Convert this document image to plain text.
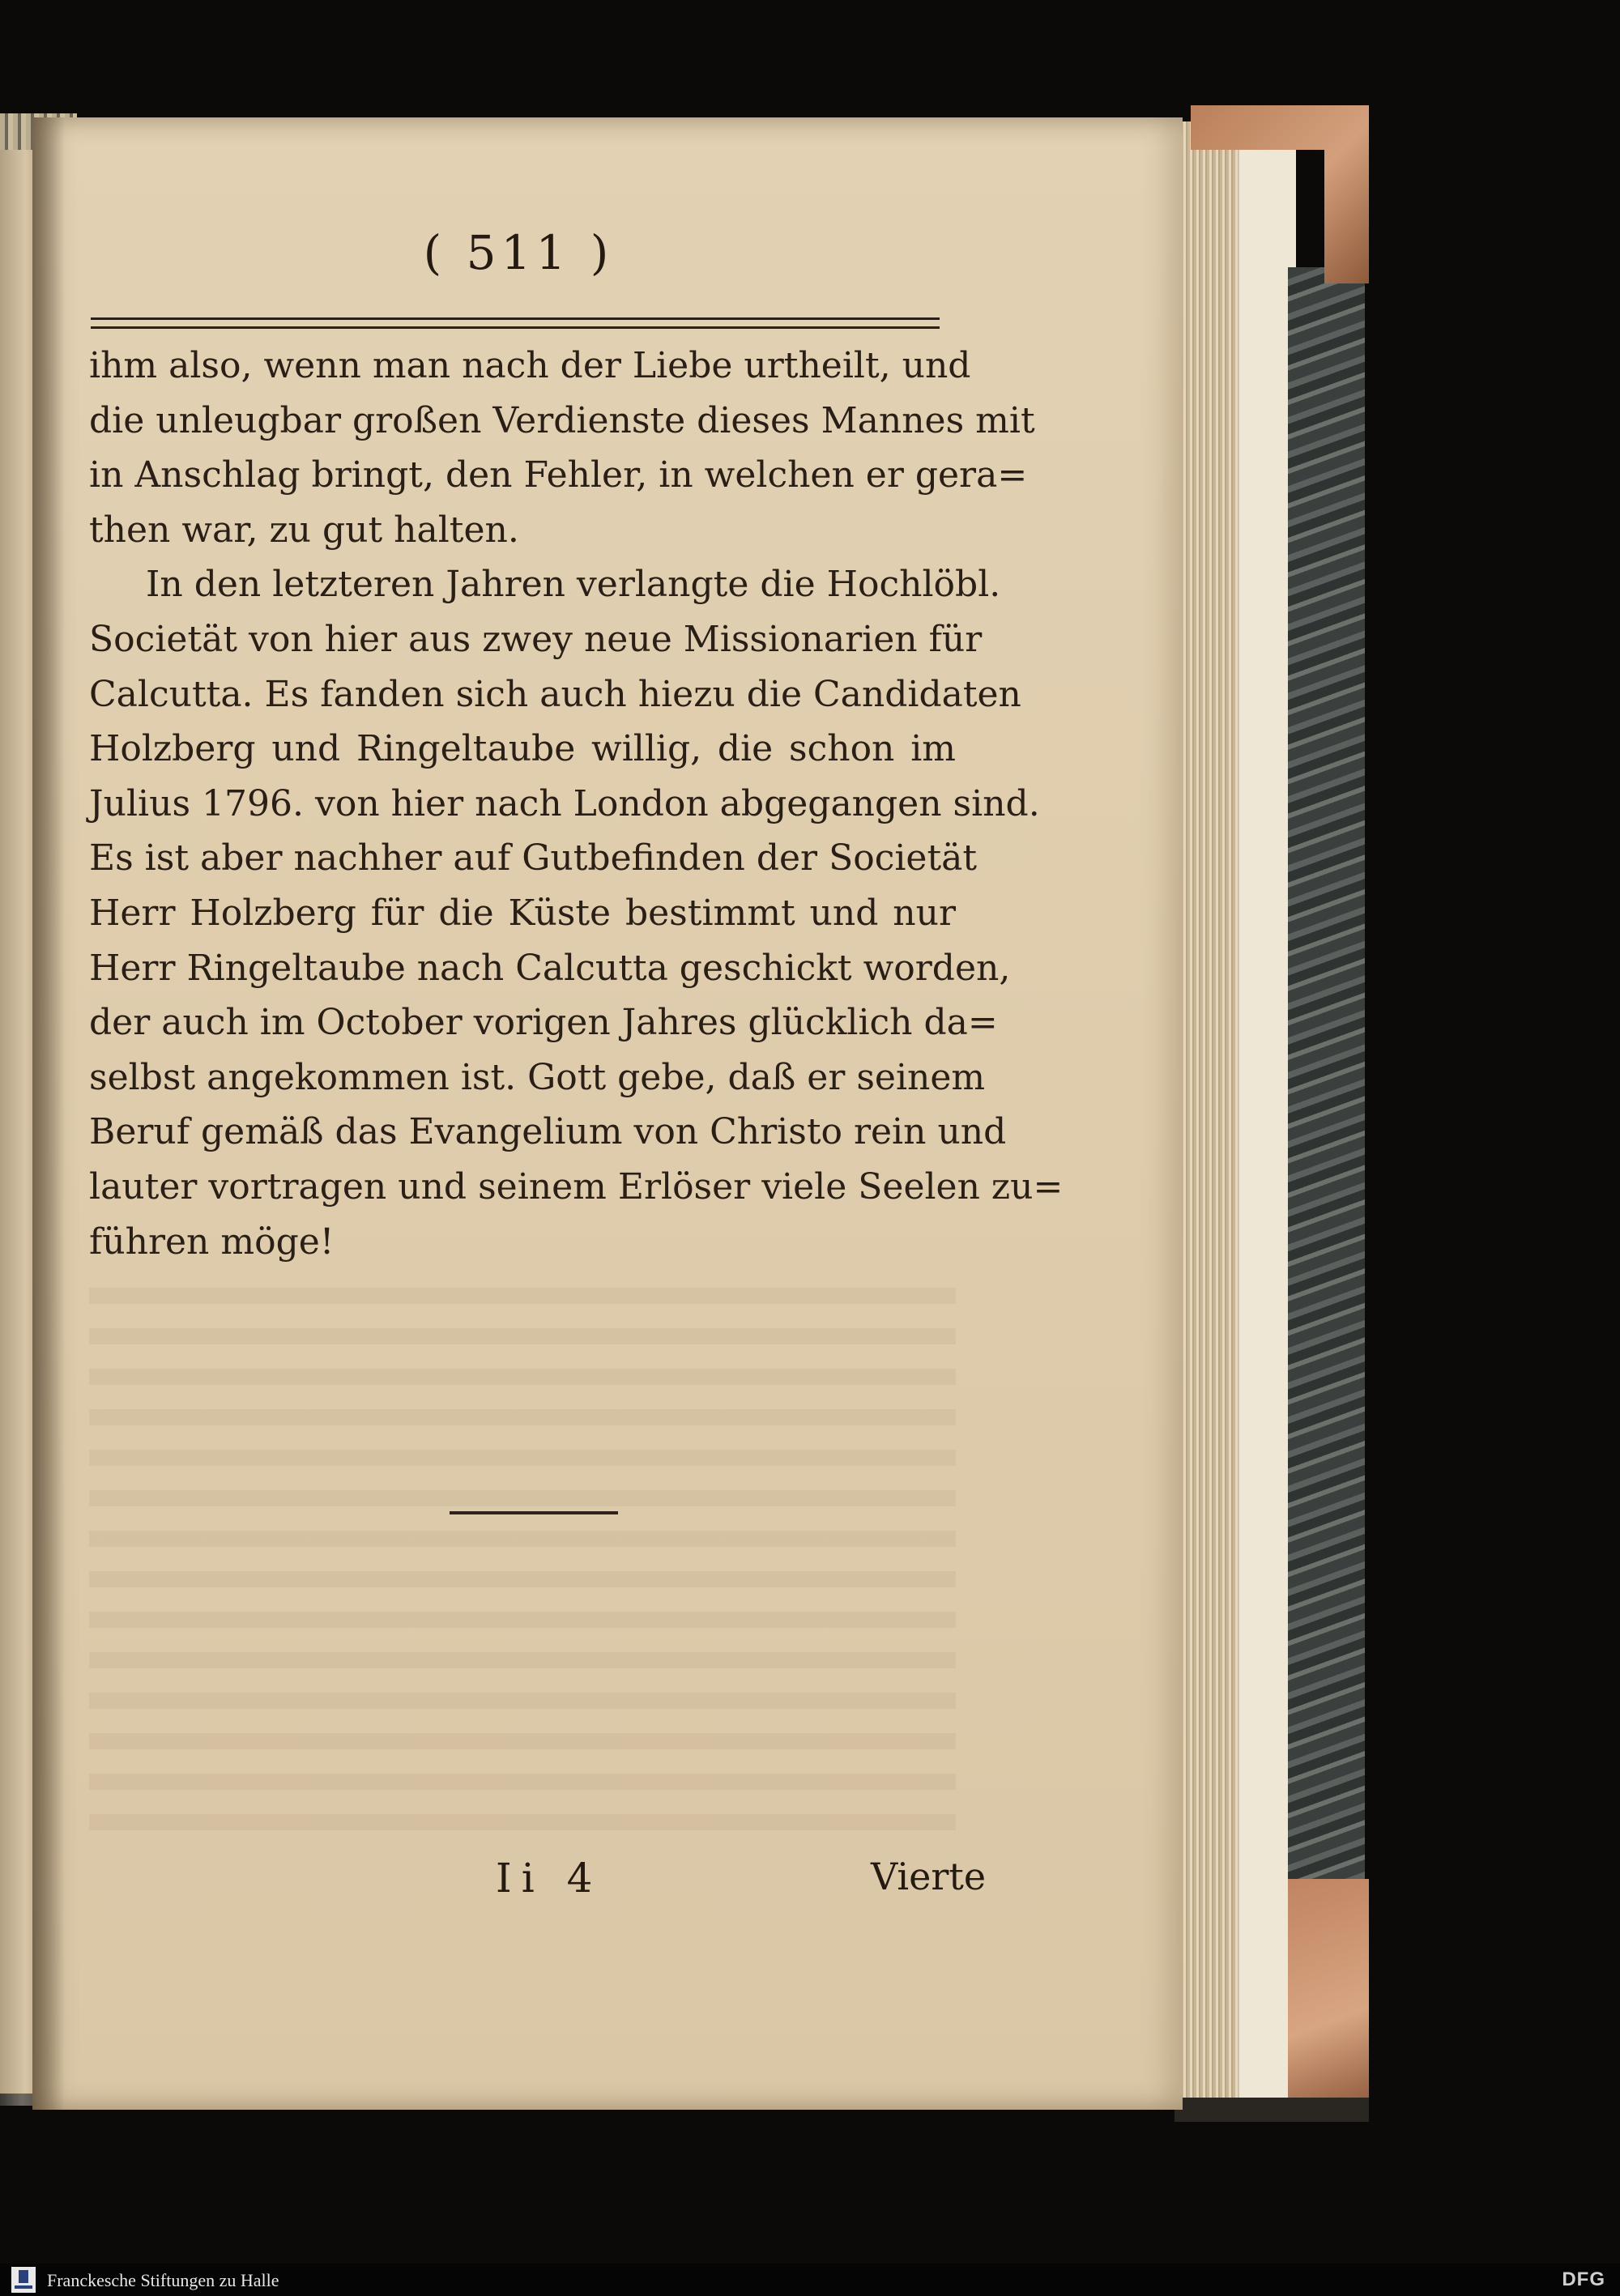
( 511 )
ihm also, wenn man nach der Liebe urtheilt, und
die unleugbar großen Verdienste dieses Mannes mit
in Anschlag bringt, den Fehler, in welchen er gera=
then war, zu gut halten.
In den letzteren Jahren verlangte die Hochlöbl.
Societät von hier aus zwey neue Missionarien für
Calcutta. Es fanden sich auch hiezu die Candidaten
Holzberg und Ringeltaube willig, die schon im
Julius 1796. von hier nach London abgegangen sind.
Es ist aber nachher auf Gutbefinden der Societät
Herr Holzberg für die Küste bestimmt und nur
Herr Ringeltaube nach Calcutta geschickt worden,
der auch im October vorigen Jahres glücklich da=
selbst angekommen ist. Gott gebe, daß er seinem
Beruf gemäß das Evangelium von Christo rein und
lauter vortragen und seinem Erlöser viele Seelen zu=
führen möge!
Ii 4	Vierte
Franckesche Stiftungen zu Halle	DFG
